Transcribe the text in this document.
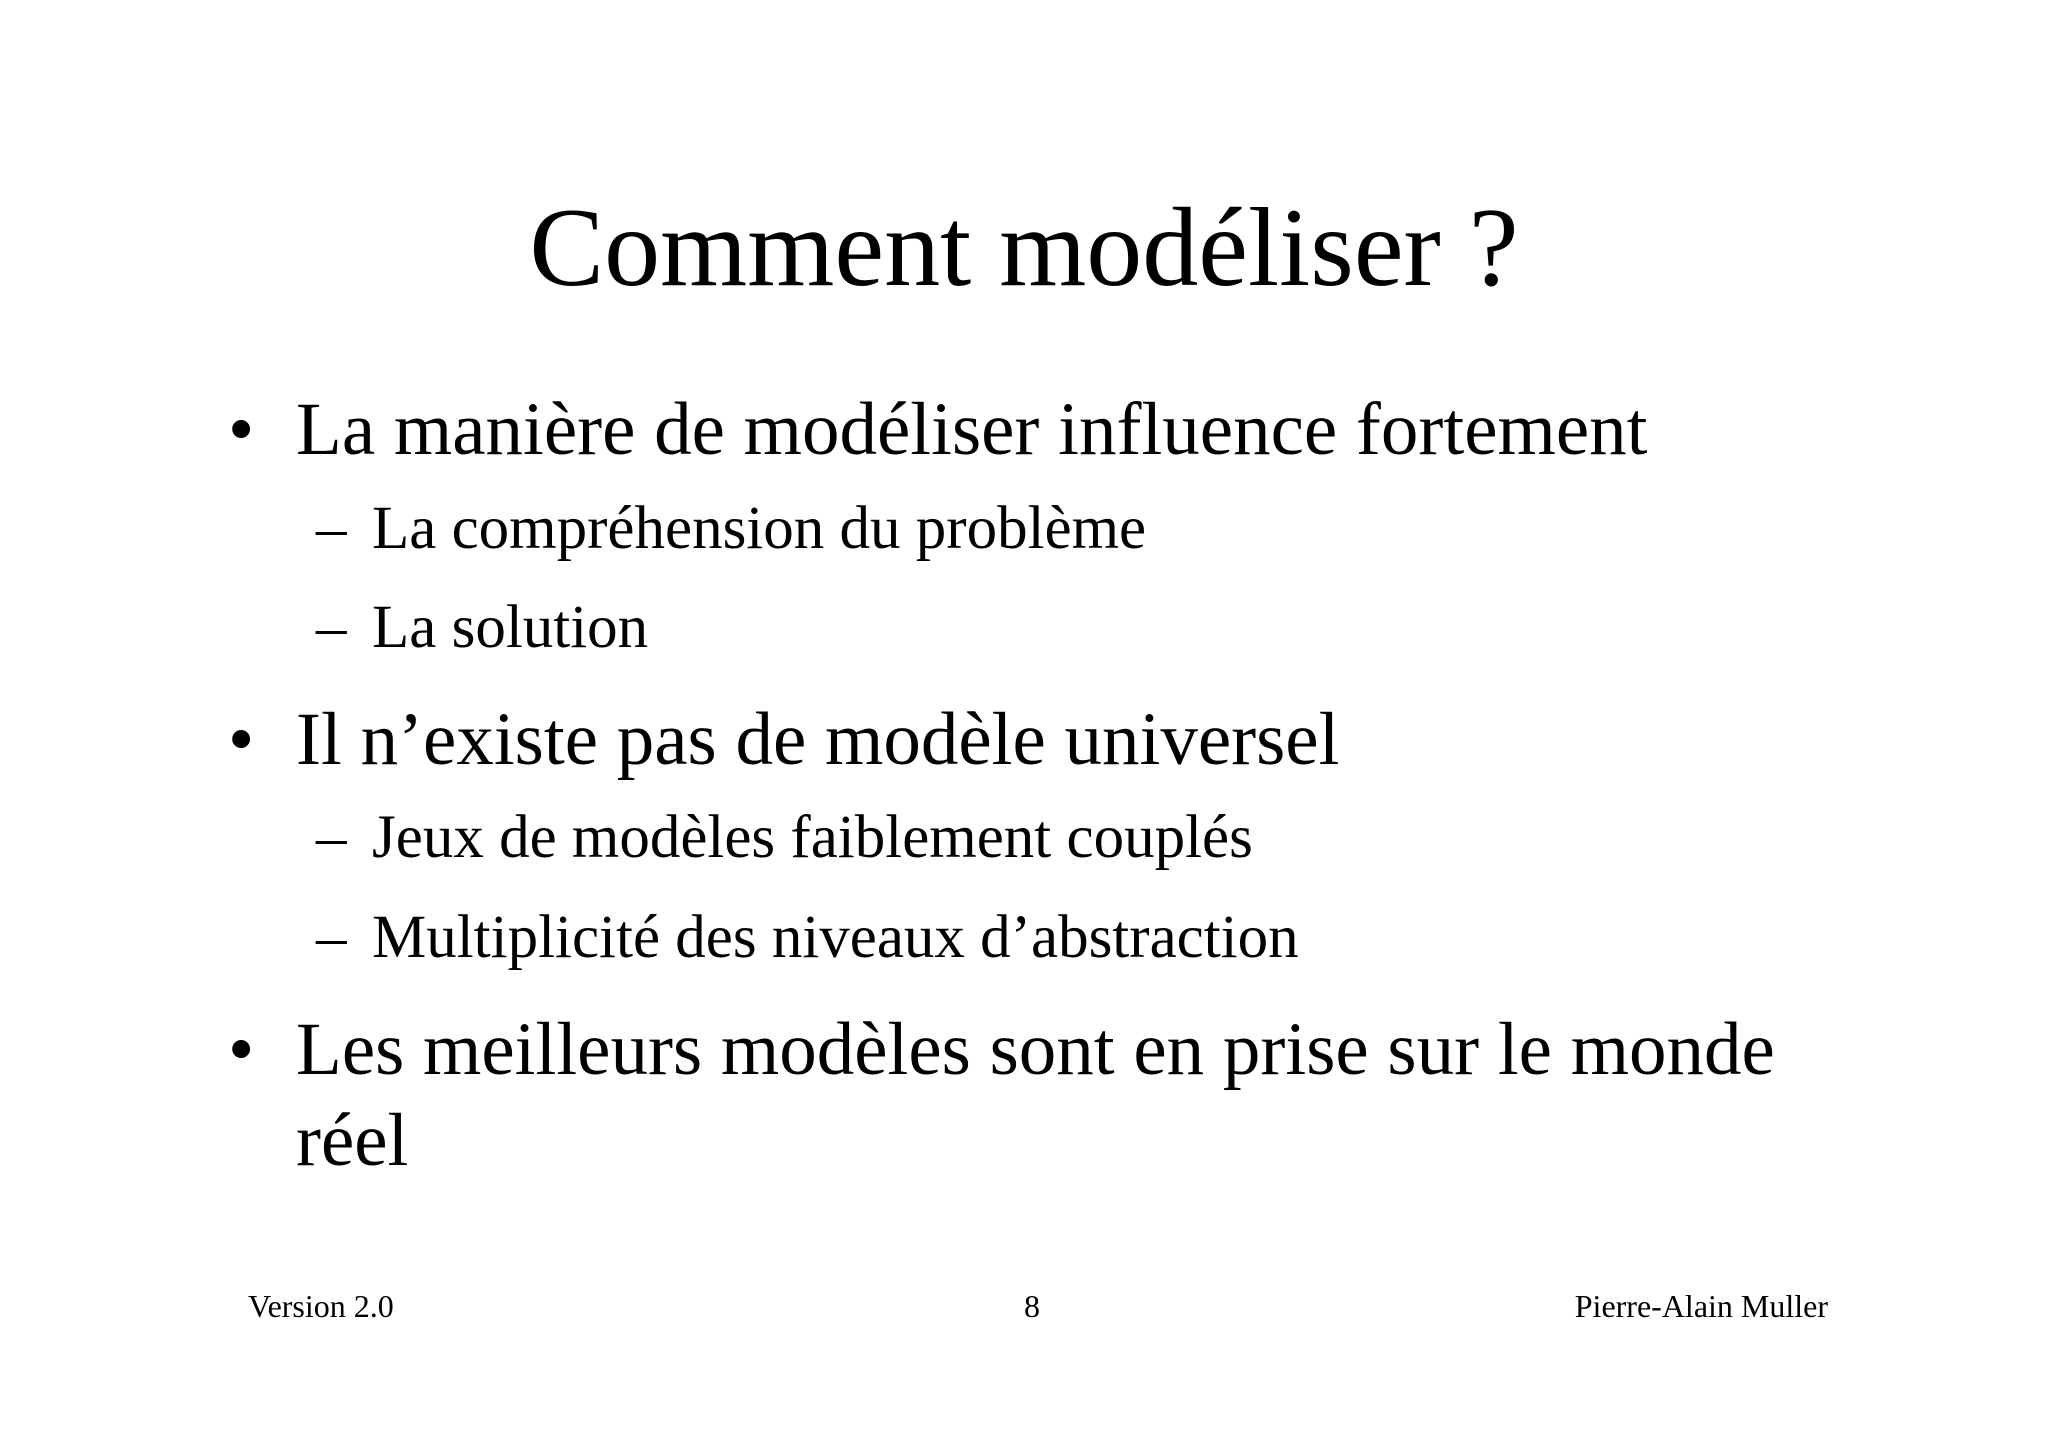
Comment modéliser ?
• La manière de modéliser influence fortement
– La compréhension du problème
– La solution
• Il n’existe pas de modèle universel
– Jeux de modèles faiblement couplés
– Multiplicité des niveaux d’abstraction
• Les meilleurs modèles sont en prise sur le monde
réel
Version 2.0	8	Pierre-Alain Muller
